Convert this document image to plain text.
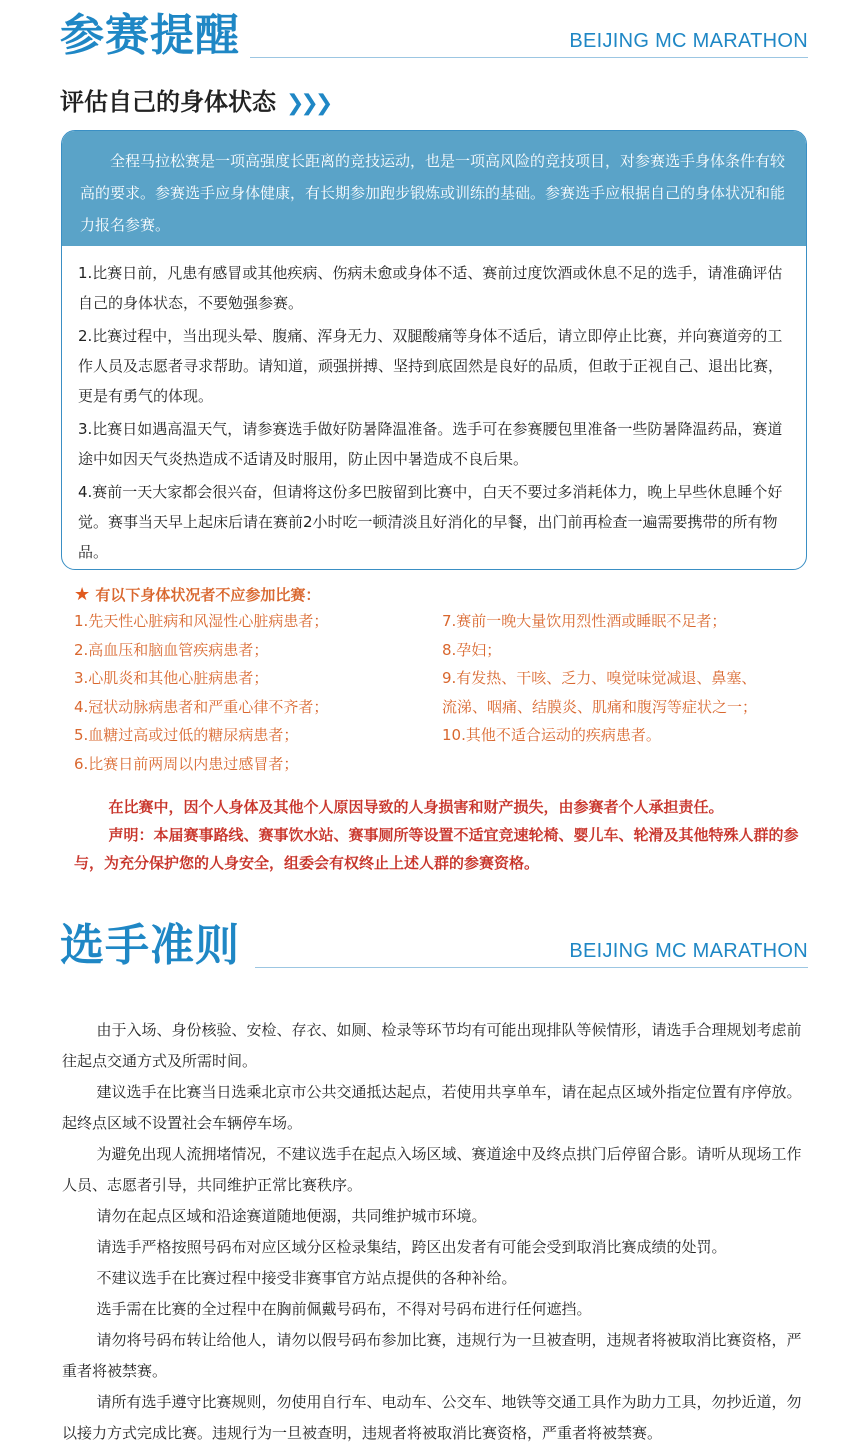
参赛提醒	BEIJING MC MARATHON
评估自己的身体状态 ❯❯❯

全程马拉松赛是一项高强度长距离的竞技运动，也是一项高风险的竞技项目，对参赛选手身体条件有较高的要求。参赛选手应身体健康，有长期参加跑步锻炼或训练的基础。参赛选手应根据自己的身体状况和能力报名参赛。

1.比赛日前，凡患有感冒或其他疾病、伤病未愈或身体不适、赛前过度饮酒或休息不足的选手，请准确评估自己的身体状态，不要勉强参赛。

2.比赛过程中，当出现头晕、腹痛、浑身无力、双腿酸痛等身体不适后，请立即停止比赛，并向赛道旁的工作人员及志愿者寻求帮助。请知道，顽强拼搏、坚持到底固然是良好的品质，但敢于正视自己、退出比赛，更是有勇气的体现。

3.比赛日如遇高温天气，请参赛选手做好防暑降温准备。选手可在参赛腰包里准备一些防暑降温药品，赛道途中如因天气炎热造成不适请及时服用，防止因中暑造成不良后果。

4.赛前一天大家都会很兴奋，但请将这份多巴胺留到比赛中，白天不要过多消耗体力，晚上早些休息睡个好觉。赛事当天早上起床后请在赛前2小时吃一顿清淡且好消化的早餐，出门前再检查一遍需要携带的所有物品。

★ 有以下身体状况者不应参加比赛：
1.先天性心脏病和风湿性心脏病患者；
2.高血压和脑血管疾病患者；
3.心肌炎和其他心脏病患者；
4.冠状动脉病患者和严重心律不齐者；
5.血糖过高或过低的糖尿病患者；
6.比赛日前两周以内患过感冒者；
7.赛前一晚大量饮用烈性酒或睡眠不足者；
8.孕妇；
9.有发热、干咳、乏力、嗅觉味觉减退、鼻塞、
流涕、咽痛、结膜炎、肌痛和腹泻等症状之一；
10.其他不适合运动的疾病患者。

在比赛中，因个人身体及其他个人原因导致的人身损害和财产损失，由参赛者个人承担责任。

声明：本届赛事路线、赛事饮水站、赛事厕所等设置不适宜竞速轮椅、婴儿车、轮滑及其他特殊人群的参与，为充分保护您的人身安全，组委会有权终止上述人群的参赛资格。

选手准则	BEIJING MC MARATHON

由于入场、身份核验、安检、存衣、如厕、检录等环节均有可能出现排队等候情形，请选手合理规划考虑前往起点交通方式及所需时间。

建议选手在比赛当日选乘北京市公共交通抵达起点，若使用共享单车，请在起点区域外指定位置有序停放。起终点区域不设置社会车辆停车场。

为避免出现人流拥堵情况，不建议选手在起点入场区域、赛道途中及终点拱门后停留合影。请听从现场工作人员、志愿者引导，共同维护正常比赛秩序。

请勿在起点区域和沿途赛道随地便溺，共同维护城市环境。

请选手严格按照号码布对应区域分区检录集结，跨区出发者有可能会受到取消比赛成绩的处罚。

不建议选手在比赛过程中接受非赛事官方站点提供的各种补给。

选手需在比赛的全过程中在胸前佩戴号码布，不得对号码布进行任何遮挡。

请勿将号码布转让给他人，请勿以假号码布参加比赛，违规行为一旦被查明，违规者将被取消比赛资格，严重者将被禁赛。

请所有选手遵守比赛规则，勿使用自行车、电动车、公交车、地铁等交通工具作为助力工具，勿抄近道，勿以接力方式完成比赛。违规行为一旦被查明，违规者将被取消比赛资格，严重者将被禁赛。
